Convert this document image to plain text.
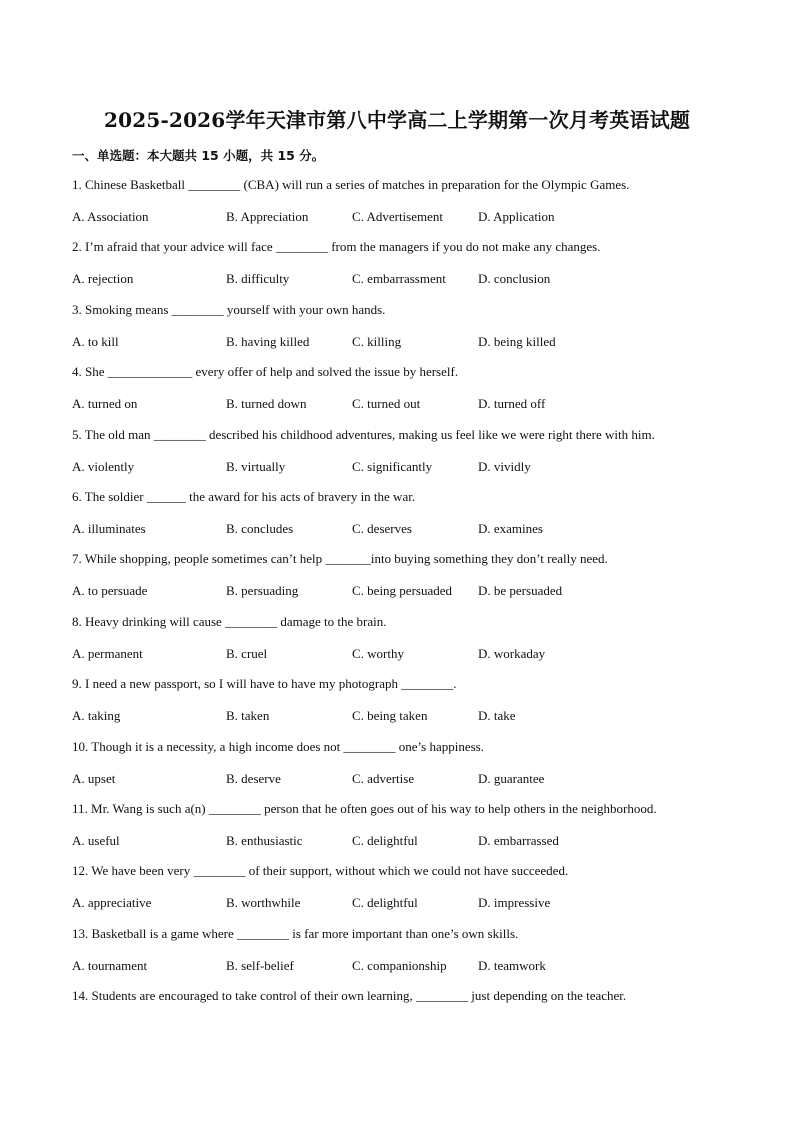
2025-2026学年天津市第八中学高二上学期第一次月考英语试题
一、单选题：本大题共 15 小题，共 15 分。
1. Chinese Basketball ________ (CBA) will run a series of matches in preparation for the Olympic Games.
A. Association	B. Appreciation	C. Advertisement	D. Application
2. I’m afraid that your advice will face ________ from the managers if you do not make any changes.
A. rejection	B. difficulty	C. embarrassment D. conclusion
3. Smoking means ________ yourself with your own hands.
A. to kill	B. having killed	C. killing	D. being killed
4. She _____________ every offer of help and solved the issue by herself.
A. turned on	B. turned down	C. turned out	D. turned off
5. The old man ________ described his childhood adventures, making us feel like we were right there with him.
A. violently	B. virtually	C. significantly	D. vividly
6. The soldier ______ the award for his acts of bravery in the war.
A. illuminates	B. concludes	C. deserves	D. examines
7. While shopping, people sometimes can’t help _______into buying something they don’t really need.
A. to persuade	B. persuading	C. being persuaded D. be persuaded
8. Heavy drinking will cause ________ damage to the brain.
A. permanent	B. cruel	C. worthy	D. workaday
9. I need a new passport, so I will have to have my photograph ________.
A. taking	B. taken	C. being taken	D. take
10. Though it is a necessity, a high income does not ________ one’s happiness.
A. upset	B. deserve	C. advertise	D. guarantee
11. Mr. Wang is such a(n) ________ person that he often goes out of his way to help others in the neighborhood.
A. useful	B. enthusiastic	C. delightful	D. embarrassed
12. We have been very ________ of their support, without which we could not have succeeded.
A. appreciative	B. worthwhile	C. delightful	D. impressive
13. Basketball is a game where ________ is far more important than one’s own skills.
A. tournament	B. self-belief	C. companionship D. teamwork
14. Students are encouraged to take control of their own learning, ________ just depending on the teacher.
